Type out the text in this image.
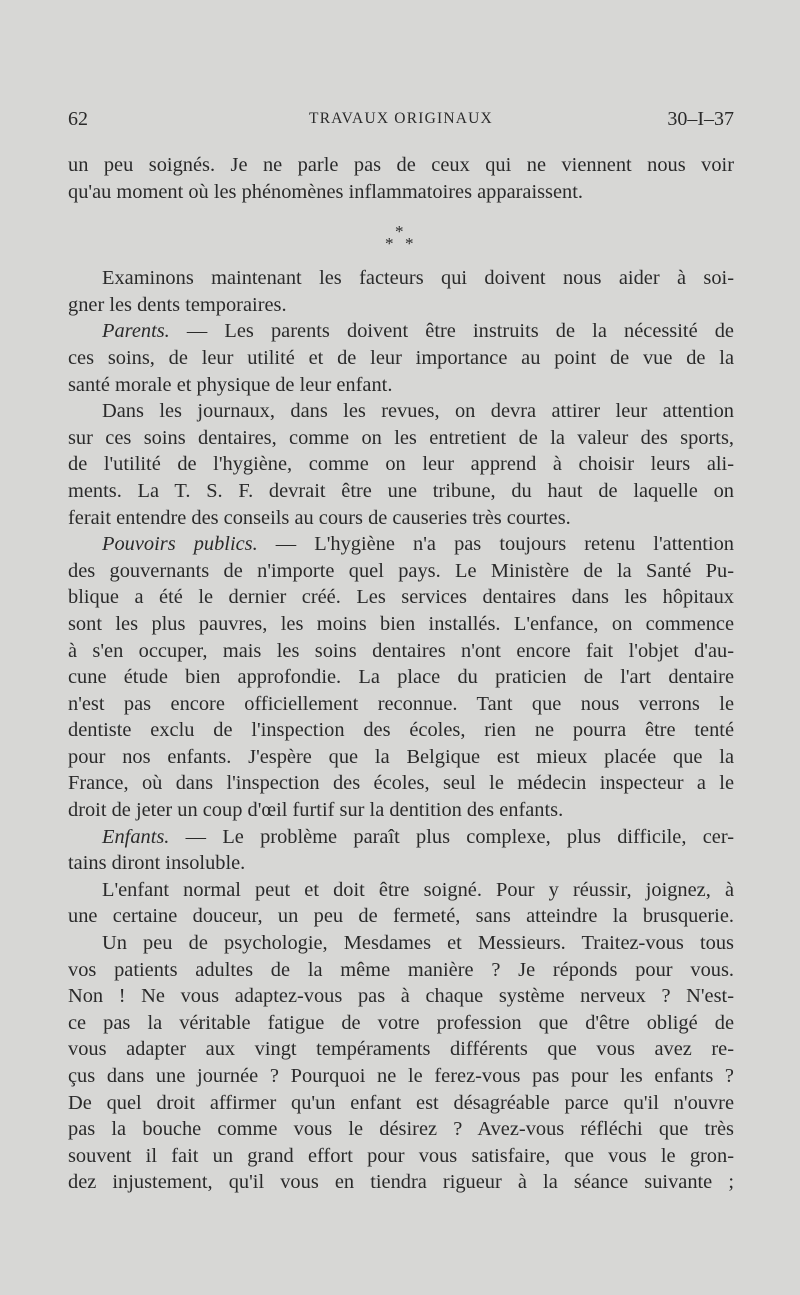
62	TRAVAUX ORIGINAUX	30–I–37
un peu soignés. Je ne parle pas de ceux qui ne viennent nous voir
qu'au moment où les phénomènes inflammatoires apparaissent.
*
* *
Examinons maintenant les facteurs qui doivent nous aider à soi-
gner les dents temporaires.
Parents. — Les parents doivent être instruits de la nécessité de
ces soins, de leur utilité et de leur importance au point de vue de la
santé morale et physique de leur enfant.
Dans les journaux, dans les revues, on devra attirer leur attention
sur ces soins dentaires, comme on les entretient de la valeur des sports,
de l'utilité de l'hygiène, comme on leur apprend à choisir leurs ali-
ments. La T. S. F. devrait être une tribune, du haut de laquelle on
ferait entendre des conseils au cours de causeries très courtes.
Pouvoirs publics. — L'hygiène n'a pas toujours retenu l'attention
des gouvernants de n'importe quel pays. Le Ministère de la Santé Pu-
blique a été le dernier créé. Les services dentaires dans les hôpitaux
sont les plus pauvres, les moins bien installés. L'enfance, on commence
à s'en occuper, mais les soins dentaires n'ont encore fait l'objet d'au-
cune étude bien approfondie. La place du praticien de l'art dentaire
n'est pas encore officiellement reconnue. Tant que nous verrons le
dentiste exclu de l'inspection des écoles, rien ne pourra être tenté
pour nos enfants. J'espère que la Belgique est mieux placée que la
France, où dans l'inspection des écoles, seul le médecin inspecteur a le
droit de jeter un coup d'œil furtif sur la dentition des enfants.
Enfants. — Le problème paraît plus complexe, plus difficile, cer-
tains diront insoluble.
L'enfant normal peut et doit être soigné. Pour y réussir, joignez, à
une certaine douceur, un peu de fermeté, sans atteindre la brusquerie.
Un peu de psychologie, Mesdames et Messieurs. Traitez-vous tous
vos patients adultes de la même manière ? Je réponds pour vous.
Non ! Ne vous adaptez-vous pas à chaque système nerveux ? N'est-
ce pas la véritable fatigue de votre profession que d'être obligé de
vous adapter aux vingt tempéraments différents que vous avez re-
çus dans une journée ? Pourquoi ne le ferez-vous pas pour les enfants ?
De quel droit affirmer qu'un enfant est désagréable parce qu'il n'ouvre
pas la bouche comme vous le désirez ? Avez-vous réfléchi que très
souvent il fait un grand effort pour vous satisfaire, que vous le gron-
dez injustement, qu'il vous en tiendra rigueur à la séance suivante ;
